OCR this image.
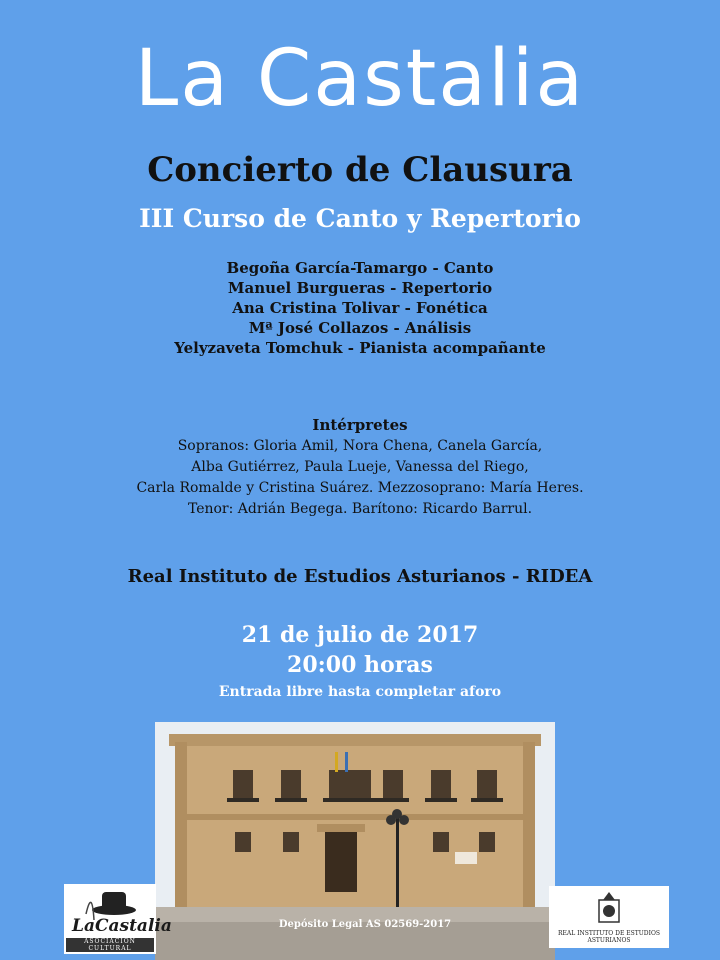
La Castalia
Concierto de Clausura
III Curso de Canto y Repertorio
Begoña García-Tamargo - Canto
Manuel Burgueras - Repertorio
Ana Cristina Tolivar - Fonética
Mª José Collazos - Análisis
Yelyzaveta Tomchuk - Pianista acompañante
Intérpretes
Sopranos: Gloria Amil, Nora Chena, Canela García,
Alba Gutiérrez, Paula Lueje, Vanessa del Riego,
Carla Romalde y Cristina Suárez. Mezzosoprano: María Heres.
Tenor: Adrián Begega. Barítono: Ricardo Barrul.
Real Instituto de Estudios Asturianos - RIDEA
21 de julio de 2017
20:00 horas
Entrada libre hasta completar aforo
Depósito Legal AS 02569-2017
LaCastalia
ASOCIACIÓN CULTURAL
REAL INSTITUTO DE ESTUDIOS ASTURIANOS
